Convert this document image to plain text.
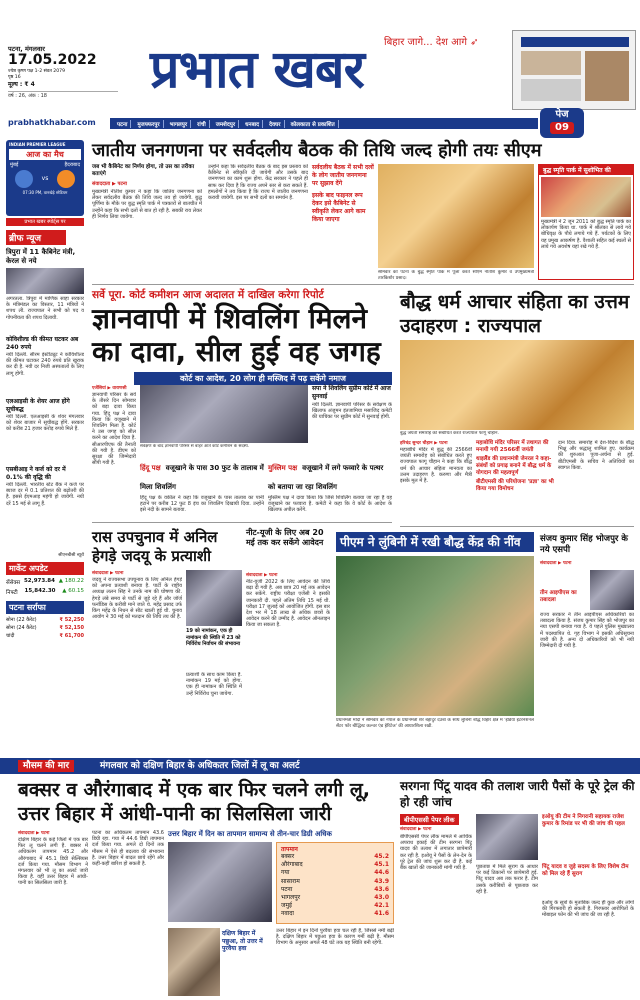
पटना, मंगलवार
17.05.2022
ज्येष्ठ कृष्ण पक्ष 1-2 संवत 2079
पृष्ठ 16
मूल्य : ₹ 4
वर्ष : 26, अंक : 18
बिहार जागे... देश आगे ➶
प्रभात खबर
prabhatkhabar.com	पटना	मुजफ्फरपुर	भागलपुर	रांची	जमशेदपुर	धनबाद	देवघर	कोलकाता से प्रकाशित
पेज
09
INDIAN PREMIER LEAGUE
आज का मैच
मुंबई	हैदराबाद
vs
07:30 PM, वानखेड़े स्टेडियम
प्रभात खबर स्पोर्ट्स पर
ब्रीफ न्यूज
त्रिपुरा में 11 कैबिनेट मंत्री, केरल से नये
अगरतला. त्रिपुरा में माणिक साहा सरकार के मंत्रिमंडल का विस्तार, 11 मंत्रियों ने शपथ ली. राज्यपाल ने सभी को पद व गोपनीयता की शपथ दिलायी.
कोविशील्ड की कीमत घटकर अब 240 रुपये
नयी दिल्ली. सीरम इंस्टीट्यूट ने कोविशील्ड की कीमत घटाकर 240 रुपये प्रति खुराक कर दी है. नयी दर निजी अस्पतालों के लिए लागू होगी.
एलआइसी के शेयर आज होंगे सूचीबद्ध
नयी दिल्ली. एलआइसी के शेयर मंगलवार को शेयर बाजार में सूचीबद्ध होंगे. सरकार को करीब 21 हजार करोड़ रुपये मिले हैं.
एसबीआइ ने कर्ज को दर में 0.1% की वृद्धि की
नयी दिल्ली. भारतीय स्टेट बैंक ने कर्ज पर ब्याज दर में 0.1 प्रतिशत की बढ़ोतरी की है. इससे ईएमआइ महंगी हो जायेगी. नयी दरें 15 मई से लागू हैं.
सीएनबीसी ब्यूरो
मार्केट अपडेट
सेंसेक्स 52,973.84 ▲ 180.22
निफ्टी 15,842.30 ▲ 60.15
पटना सर्राफा
सोना (22 कैरेट)	₹ 52,250
सोना (24 कैरेट)	₹ 52,150
चांदी	₹ 61,700
जातीय जनगणना पर सर्वदलीय बैठक की तिथि जल्द होगी तयः सीएम
जब भी कैबिनेट का निर्णय होगा, तो उस का तरीका बताएंगे
संवाददाता ▶ पटना
मुख्यमंत्री नीतीश कुमार ने कहा कि जातिय जनगणना को लेकर सर्वदलीय बैठक की तिथि जल्द तय हो जायेगी. बुद्ध पूर्णिमा के मौके पर बुद्ध स्मृति पार्क में पत्रकारों से बातचीत में उन्होंने कहा कि सभी दलों से बात हो रही है. सबकी राय लेकर ही निर्णय लिया जायेगा.
उन्होंने कहा कि सर्वदलीय बैठक के बाद इस प्रस्ताव को कैबिनेट से स्वीकृति दी जायेगी और उसके बाद जनगणना का काम शुरू होगा. केंद्र सरकार ने पहले ही साफ कर दिया है कि राज्य अपने स्तर से करा सकते हैं. हमलोगों ने तय किया है कि राज्य में जातीय जनगणना करायी जायेगी. इस पर सभी दलों का समर्थन है.
सर्वदलीय बैठक में सभी दलों के लोग जातीय जनगणना पर सुझाव देंगे
इसके बाद फाइनल रूप देकर इसे कैबिनेट से स्वीकृति लेकर आगे काम किया जाएगा
सोमवार को पटना के बुद्ध स्मृति पार्क में पूजा करते सीएम नीतीश कुमार व उपमुख्यमंत्री तारकिशोर प्रसाद।
बुद्ध स्मृति पार्क में सुशोभित की
मुख्यमंत्री ने 2 जून 2011 को बुद्ध स्मृति पार्क का लोकार्पण किया था. पार्क में श्रीलंका से लाये गये बोधिवृक्ष के पौधे लगाये गये हैं. पर्यटकों के लिए यह प्रमुख आकर्षण है. वैशाली सहित कई स्थलों से लाये गये अवशेष यहां रखे गये हैं.
सर्वे पूरा. कोर्ट कमीशन आज अदालत में दाखिल करेगा रिपोर्ट
ज्ञानवापी में शिवलिंग मिलने का दावा, सील हुई वह जगह
कोर्ट का आदेश, 20 लोग ही मस्जिद में पढ़ सकेंगे नमाज
एजेंसियां ▶ वाराणसी
ज्ञानवापी परिसर के सर्वे के तीसरे दिन सोमवार को बड़ा दावा किया गया. हिंदू पक्ष ने दावा किया कि वजूखाने में शिवलिंग मिला है. कोर्ट ने उस जगह को सील करने का आदेश दिया है. सीआरपीएफ की तैनाती की गयी है. डीएम को सुरक्षा की जिम्मेदारी सौंपी गयी है.
सर्वेक्षण के बाद ज्ञानवापी परिसर से बाहर आते कोर्ट कमीशन के सदस्य.
सपा ने शिवलिंग सुप्रीम कोर्ट में आज सुनवाई
नयी दिल्ली. ज्ञानवापी परिसर के सर्वेक्षण के खिलाफ अंजुमन इंतजामिया मसाजिद कमेटी की याचिका पर सुप्रीम कोर्ट में सुनवाई होगी.
हिंदू पक्ष वजूखाने के पास 30 फुट के तालाब में मिला शिवलिंग
हिंदू पक्ष के वकील ने कहा कि वजूखाने के पास तालाब का पानी हटाने पर करीब 12 फुट 8 इंच का शिवलिंग दिखायी दिया. उन्होंने इसे नंदी के सामने बताया.
मुस्लिम पक्ष वजूखाने में लगे फव्वारे के पत्थर को बताया जा रहा शिवलिंग
मुस्लिम पक्ष ने दावा किया कि जिसे शिवलिंग बताया जा रहा है वह वजूखाने का फव्वारा है. कमेटी ने कहा कि वे कोर्ट के आदेश के खिलाफ अपील करेंगे.
बौद्ध धर्म आचार संहिता का उत्तम उदाहरण : राज्यपाल
बुद्ध जयंती समारोह को संबोधित करते राज्यपाल फागू चौहान.
हरिचंद्र सुन्दर चौहान ▶ पटना
महाबोधि मंदिर में बुद्ध की 2566वीं जयंती समारोह को संबोधित करते हुए राज्यपाल फागू चौहान ने कहा कि बौद्ध धर्म की आचार संहिता मानवता का उत्तम उदाहरण है. करुणा और मैत्री इसके मूल में है.
महाबोधि मंदिर परिसर में तथागत की मनायी गयी 2566वीं जयंती
थाइलैंड की प्रधानमंत्री जेनरल ने कहा- संबंधों को प्रगाढ़ बनाने में बौद्ध धर्म के योगदान की महत्वपूर्ण
बीटीएमसी की परियोजना 'प्रज्ञा' का भी किया गया विमोचन
दान दिया. समारोह में देश-विदेश के बौद्ध भिक्षु और श्रद्धालु शामिल हुए. कार्यक्रम की शुरुआत पूजा-अर्चना से हुई. बीटीएमसी के सचिव ने अतिथियों का स्वागत किया.
रास उपचुनाव में अनिल हेगड़े जदयू के प्रत्याशी
संवाददाता ▶ पटना
जदयू ने राज्यसभा उपचुनाव के लिए अनिल हेगड़े को अपना प्रत्याशी बनाया है. पार्टी के राष्ट्रीय अध्यक्ष ललन सिंह ने उनके नाम की घोषणा की. हेगड़े लंबे समय से पार्टी से जुड़े रहे हैं और जॉर्ज फर्नांडिस के करीबी माने जाते थे. महेंद्र प्रसाद उर्फ किंग महेंद्र के निधन से सीट खाली हुई थी. चुनाव आयोग ने 30 मई को मतदान की तिथि तय की है.
19 को नामांकन, एक ही नामांकन की स्थिति में 23 को निर्विरोध निर्वाचन की संभावना
प्रत्याशी के साथ काम किया है. नामांकन 19 मई को होगा. एक ही नामांकन की स्थिति में उन्हें निर्विरोध चुना जायेगा.
नीट-यूजी के लिए अब 20 मई तक कर सकेंगे आवेदन
संवाददाता ▶ पटना
नीट-यूजी 2022 के लिए आवेदन की तिथि बढ़ा दी गयी है. अब छात्र 20 मई तक आवेदन कर सकेंगे. राष्ट्रीय परीक्षा एजेंसी ने इसकी जानकारी दी. पहले अंतिम तिथि 15 मई थी. परीक्षा 17 जुलाई को आयोजित होगी. इस बार देश भर में 18 लाख से अधिक छात्रों के आवेदन करने की उम्मीद है. आवेदन ऑनलाइन किया जा सकता है.
पीएम ने लुंबिनी में रखी बौद्ध केंद्र की नींव
प्रधानमंत्री मोदी ने सोमवार को नेपाल के प्रधानमंत्री शेर बहादुर देउबा के साथ लुंबिनी बौद्ध विहार क्षेत्र में 'इंडिया इंटरनेशनल सेंटर फॉर बौद्धिस्ट कल्चर एंड हेरिटेज' की आधारशिला रखी.
संजय कुमार सिंह भोजपुर के नये एसपी
संवाददाता ▶ पटना
तीन आइपीएस का तबादला
राज्य सरकार ने तीन आइपीएस अधिकारियों का तबादला किया है. संजय कुमार सिंह को भोजपुर का नया एसपी बनाया गया है. वे पहले पुलिस मुख्यालय में पदस्थापित थे. गृह विभाग ने इसकी अधिसूचना जारी की है. अन्य दो अधिकारियों को भी नयी जिम्मेदारी दी गयी है.
मौसम की मार	मंगलवार को दक्षिण बिहार के अधिकतर जिलों में लू का अलर्ट
बक्सर व औरंगाबाद में एक बार फिर चलने लगी लू, उत्तर बिहार में आंधी-पानी का सिलसिला जारी
संवाददाता ▶ पटना
दक्षिण बिहार के कई जिलों में एक बार फिर लू चलने लगी है. बक्सर में अधिकतम तापमान 45.2 और औरंगाबाद में 45.1 डिग्री सेल्सियस दर्ज किया गया. मौसम विभाग ने मंगलवार को भी लू का अलर्ट जारी किया है. वहीं उत्तर बिहार में आंधी-पानी का सिलसिला जारी है.
पटना का अधिकतम तापमान 43.6 डिग्री रहा. गया में 44.6 डिग्री तापमान दर्ज किया गया. अगले दो दिनों तक मौसम में ऐसे ही बदलाव की संभावना है. उत्तर बिहार में बादल छाये रहेंगे और कहीं-कहीं बारिश हो सकती है.
उत्तर बिहार में दिन का तापमान सामान्य से तीन-चार डिग्री अधिक
तापमान
बक्सर	45.2
औरंगाबाद	45.1
गया	44.6
सासाराम	43.9
पटना	43.6
भागलपुर	43.0
जमुई	42.1
नवादा	41.6
दक्षिण बिहार में पछुआ, तो उत्तर में पुरवैया हवा
उत्तर बिहार में इन दिनों पुरवैया हवा चल रही है, जिससे नमी बढ़ी है. दक्षिण बिहार में पछुआ हवा के कारण गर्मी बढ़ी है. मौसम विभाग के अनुसार अगले 48 घंटे तक यह स्थिति बनी रहेगी.
सरगना पिंटू यादव की तलाश जारी पैसों के पूरे ट्रेल की हो रही जांच
बीपीएससी पेपर लीक	इओयू की टीम ने निगरानी सहायक राजेश कुमार के रिमांड पर भी की जांच की पहल
संवाददाता ▶ पटना
बीपीएससी पेपर लीक मामले में आर्थिक अपराध इकाई की टीम सरगना पिंटू यादव की तलाश में लगातार छापेमारी कर रही है. इओयू ने पैसों के लेन-देन के पूरे ट्रेल की जांच शुरू कर दी है. कई बैंक खातों की जानकारी मांगी गयी है.	पूछताछ में मिले सुराग के आधार पर कई ठिकानों पर छापेमारी हुई. पिंटू यादव अब तक फरार है. टीम उसके करीबियों से पूछताछ कर रही है.
पिंटू यादव व जुड़े सदस्य के लिए विशेष टीम को मिल रहे हैं सुराग
इओयू के सूत्रों के मुताबिक जल्द ही कुछ और लोगों की गिरफ्तारी हो सकती है. गिरफ्तार आरोपितों के मोबाइल फोन की भी जांच की जा रही है.
